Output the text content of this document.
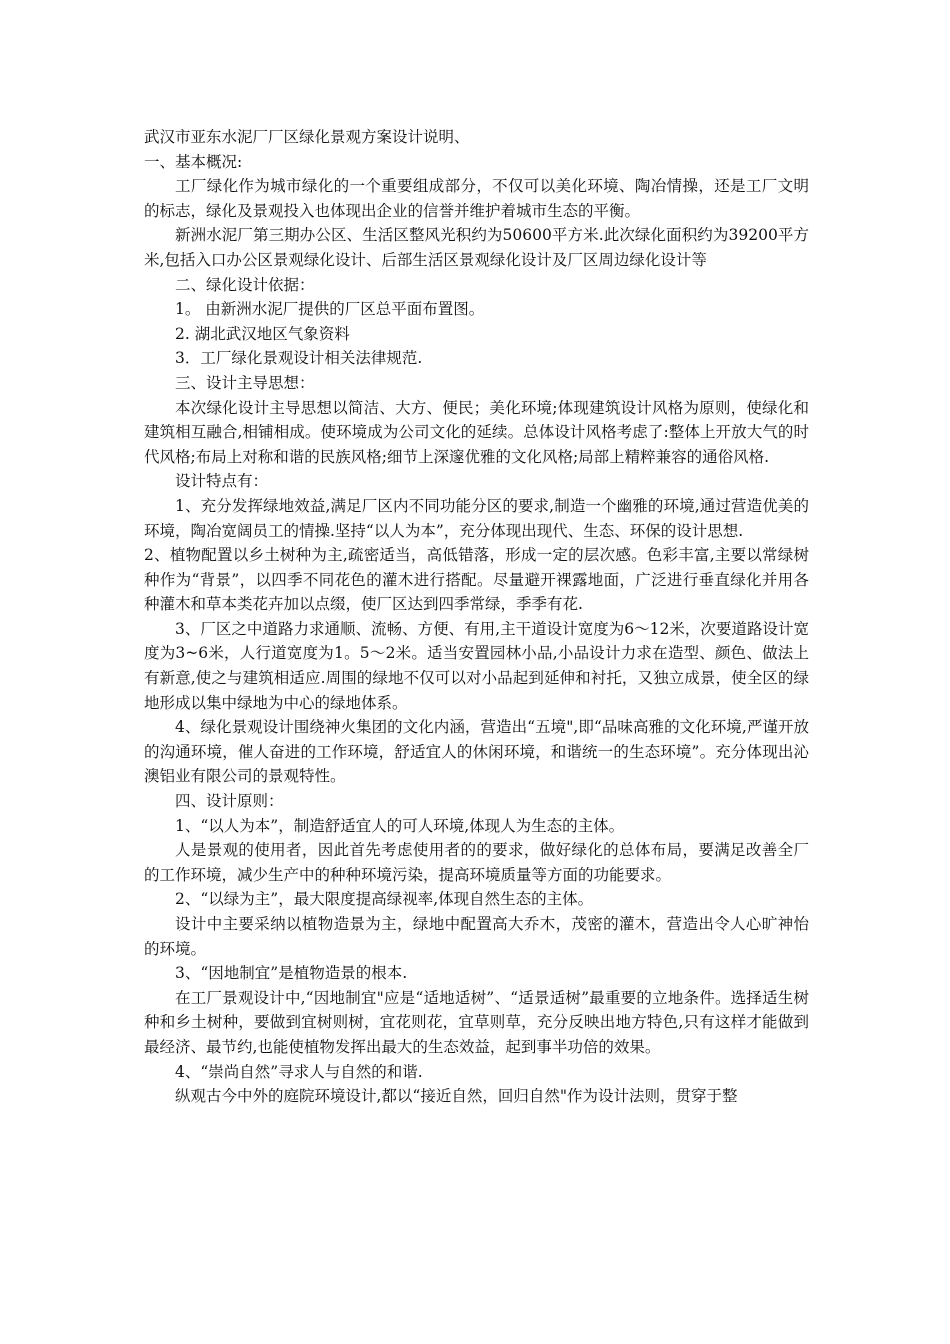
武汉市亚东水泥厂厂区绿化景观方案设计说明、

一、基本概况:

工厂绿化作为城市绿化的一个重要组成部分，不仅可以美化环境、陶冶情操，还是工厂文明的标志，绿化及景观投入也体现出企业的信誉并维护着城市生态的平衡。

新洲水泥厂第三期办公区、生活区整风光积约为50600平方米.此次绿化面积约为39200平方米,包括入口办公区景观绿化设计、后部生活区景观绿化设计及厂区周边绿化设计等

二、绿化设计依据：

1。 由新洲水泥厂提供的厂区总平面布置图。

2. 湖北武汉地区气象资料

3．工厂绿化景观设计相关法律规范.

三、设计主导思想：

本次绿化设计主导思想以简洁、大方、便民；美化环境;体现建筑设计风格为原则，使绿化和建筑相互融合,相铺相成。使环境成为公司文化的延续。总体设计风格考虑了:整体上开放大气的时代风格;布局上对称和谐的民族风格;细节上深邃优雅的文化风格;局部上精粹兼容的通俗风格.

设计特点有：

1、充分发挥绿地效益,满足厂区内不同功能分区的要求,制造一个幽雅的环境,通过营造优美的环境，陶冶宽阔员工的情操.坚持“以人为本”，充分体现出现代、生态、环保的设计思想.

2、植物配置以乡土树种为主,疏密适当，高低错落，形成一定的层次感。色彩丰富,主要以常绿树种作为“背景”，以四季不同花色的灌木进行搭配。尽量避开裸露地面，广泛进行垂直绿化并用各种灌木和草本类花卉加以点缀，使厂区达到四季常绿，季季有花.

3、厂区之中道路力求通顺、流畅、方便、有用,主干道设计宽度为6～12米，次要道路设计宽度为3~6米，人行道宽度为1。5～2米。适当安置园林小品,小品设计力求在造型、颜色、做法上有新意,使之与建筑相适应.周围的绿地不仅可以对小品起到延伸和衬托，又独立成景，使全区的绿地形成以集中绿地为中心的绿地体系。

4、绿化景观设计围绕神火集团的文化内涵，营造出“五境",即“品味高雅的文化环境,严谨开放的沟通环境，催人奋进的工作环境，舒适宜人的休闲环境，和谐统一的生态环境”。充分体现出沁澳铝业有限公司的景观特性。

四、设计原则：

1、“以人为本”，制造舒适宜人的可人环境,体现人为生态的主体。

人是景观的使用者，因此首先考虑使用者的的要求，做好绿化的总体布局，要满足改善全厂的工作环境，减少生产中的种种环境污染，提高环境质量等方面的功能要求。

2、“以绿为主”，最大限度提高绿视率,体现自然生态的主体。

设计中主要采纳以植物造景为主，绿地中配置高大乔木，茂密的灌木，营造出令人心旷神怡的环境。

3、“因地制宜”是植物造景的根本.

在工厂景观设计中,“因地制宜"应是“适地适树”、“适景适树”最重要的立地条件。选择适生树种和乡土树种，要做到宜树则树，宜花则花，宜草则草，充分反映出地方特色,只有这样才能做到最经济、最节约,也能使植物发挥出最大的生态效益，起到事半功倍的效果。

4、“崇尚自然”寻求人与自然的和谐.

纵观古今中外的庭院环境设计,都以“接近自然，回归自然"作为设计法则，贯穿于整
